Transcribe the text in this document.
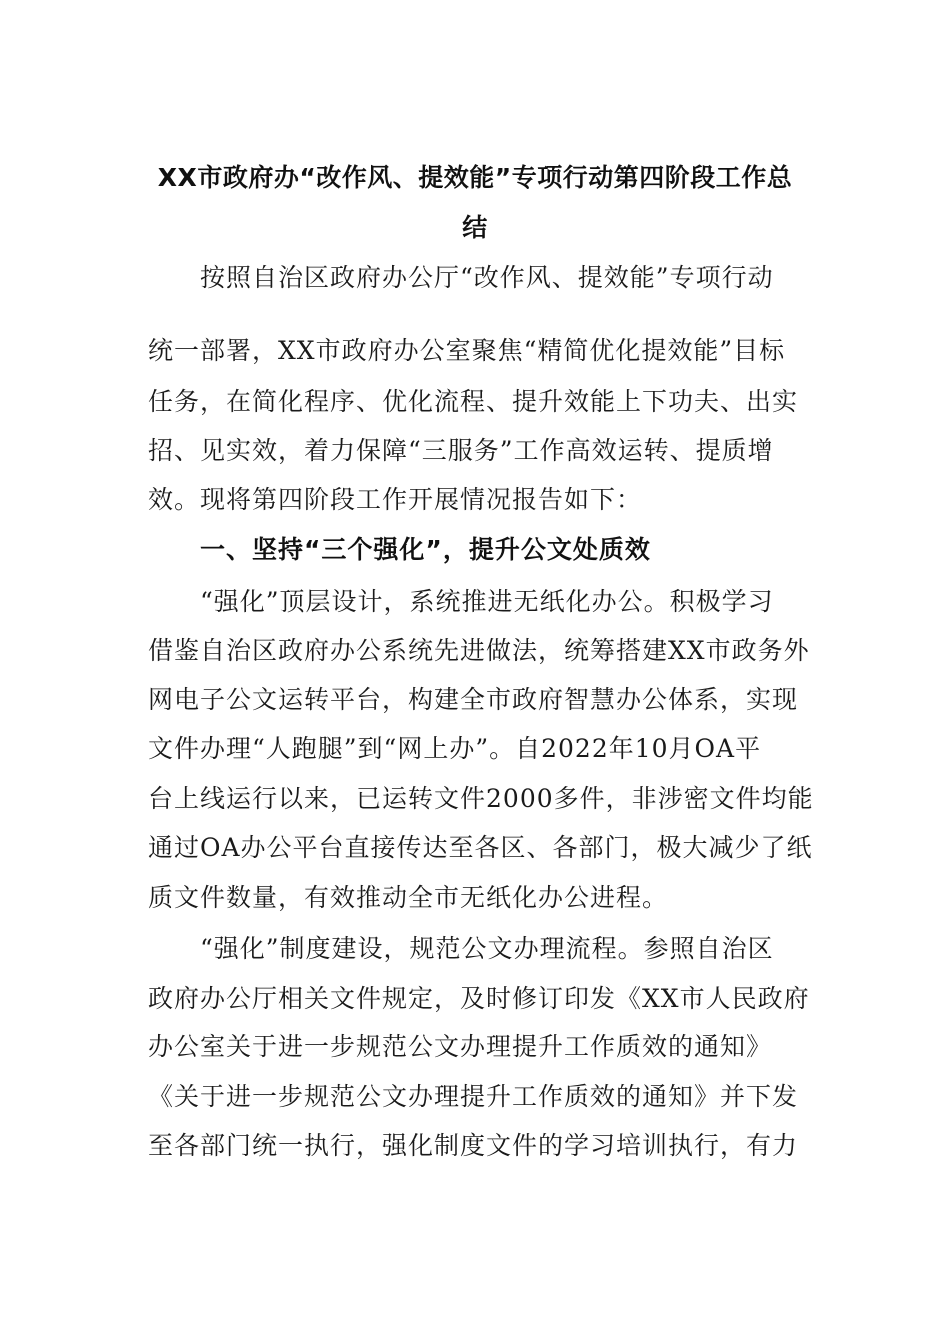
XX市政府办“改作风、提效能”专项行动第四阶段工作总
结
按照自治区政府办公厅“改作风、提效能”专项行动
统一部署，XX市政府办公室聚焦“精简优化提效能”目标
任务，在简化程序、优化流程、提升效能上下功夫、出实
招、见实效，着力保障“三服务”工作高效运转、提质增
效。现将第四阶段工作开展情况报告如下：
一、坚持“三个强化”，提升公文处质效
“强化”顶层设计，系统推进无纸化办公。积极学习
借鉴自治区政府办公系统先进做法，统筹搭建XX市政务外
网电子公文运转平台，构建全市政府智慧办公体系，实现
文件办理“人跑腿”到“网上办”。自2022年10月OA平
台上线运行以来，已运转文件2000多件，非涉密文件均能
通过OA办公平台直接传达至各区、各部门，极大减少了纸
质文件数量，有效推动全市无纸化办公进程。
“强化”制度建设，规范公文办理流程。参照自治区
政府办公厅相关文件规定，及时修订印发《XX市人民政府
办公室关于进一步规范公文办理提升工作质效的通知》
《关于进一步规范公文办理提升工作质效的通知》并下发
至各部门统一执行，强化制度文件的学习培训执行，有力
